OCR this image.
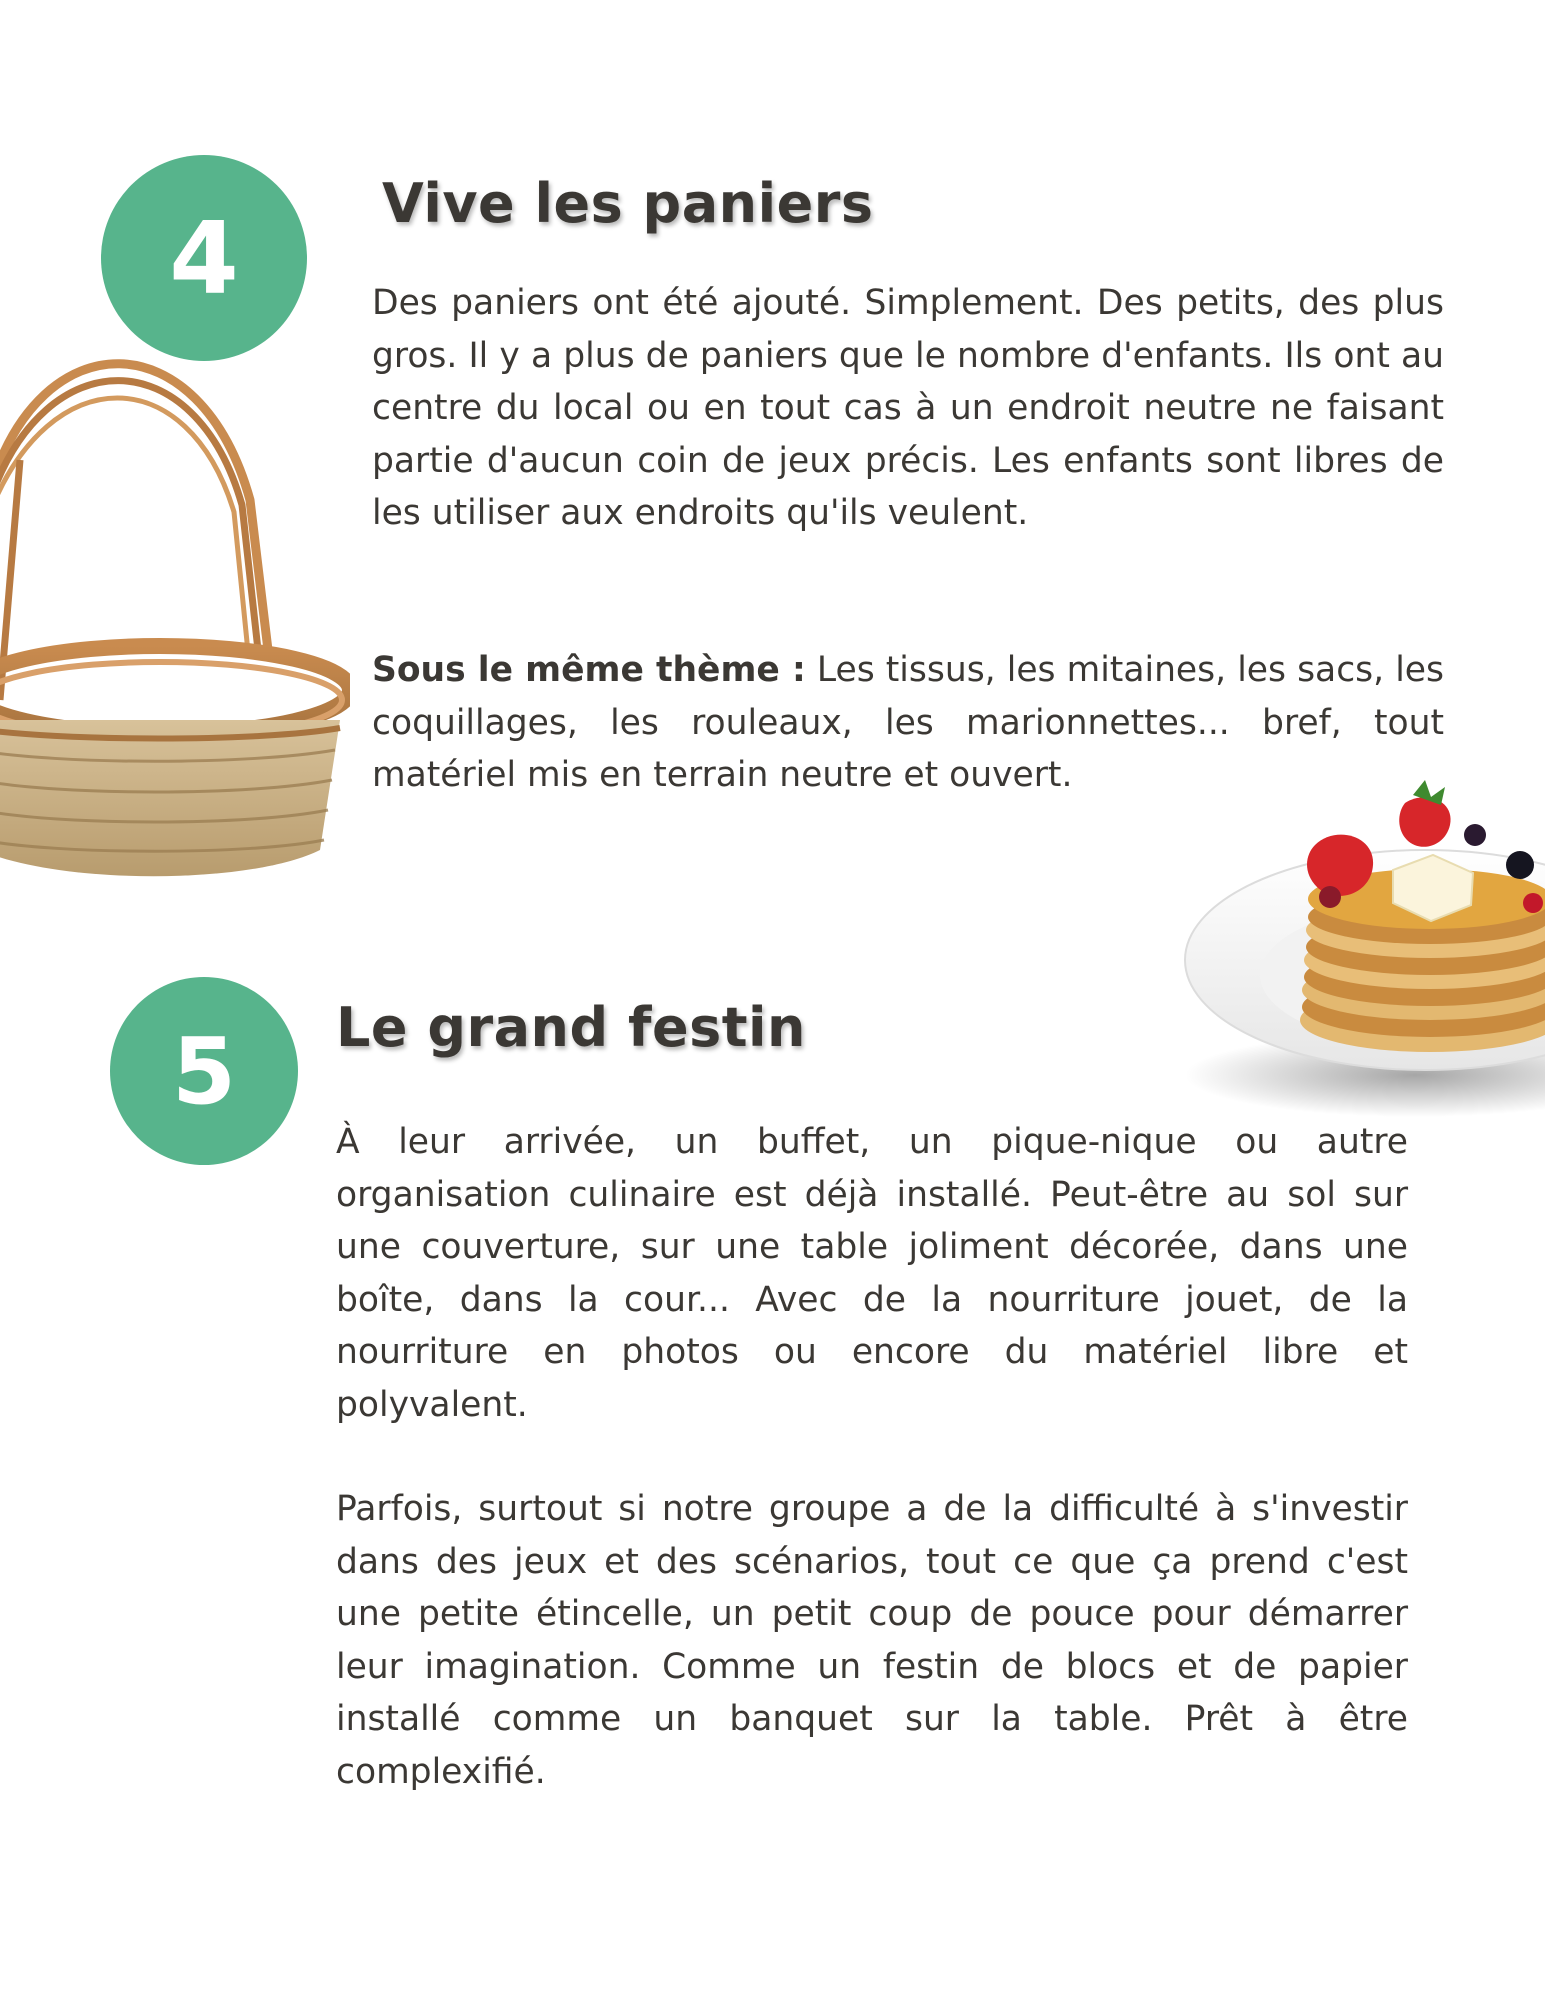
4	Vive les paniers

Des paniers ont été ajouté. Simplement. Des petits, des plus gros. Il y a plus de paniers que le nombre d'enfants. Ils ont au centre du local ou en tout cas à un endroit neutre ne faisant partie d'aucun coin de jeux précis. Les enfants sont libres de les utiliser aux endroits qu'ils veulent.

Sous le même thème : Les tissus, les mitaines, les sacs, les coquillages, les rouleaux, les marionnettes... bref, tout matériel mis en terrain neutre et ouvert.

5 Le grand festin

À leur arrivée, un buffet, un pique-nique ou autre organisation culinaire est déjà installé. Peut-être au sol sur une couverture, sur une table joliment décorée, dans une boîte, dans la cour... Avec de la nourriture jouet, de la nourriture en photos ou encore du matériel libre et polyvalent.

Parfois, surtout si notre groupe a de la difficulté à s'investir dans des jeux et des scénarios, tout ce que ça prend c'est une petite étincelle, un petit coup de pouce pour démarrer leur imagination. Comme un festin de blocs et de papier installé comme un banquet sur la table. Prêt à être complexifié.
